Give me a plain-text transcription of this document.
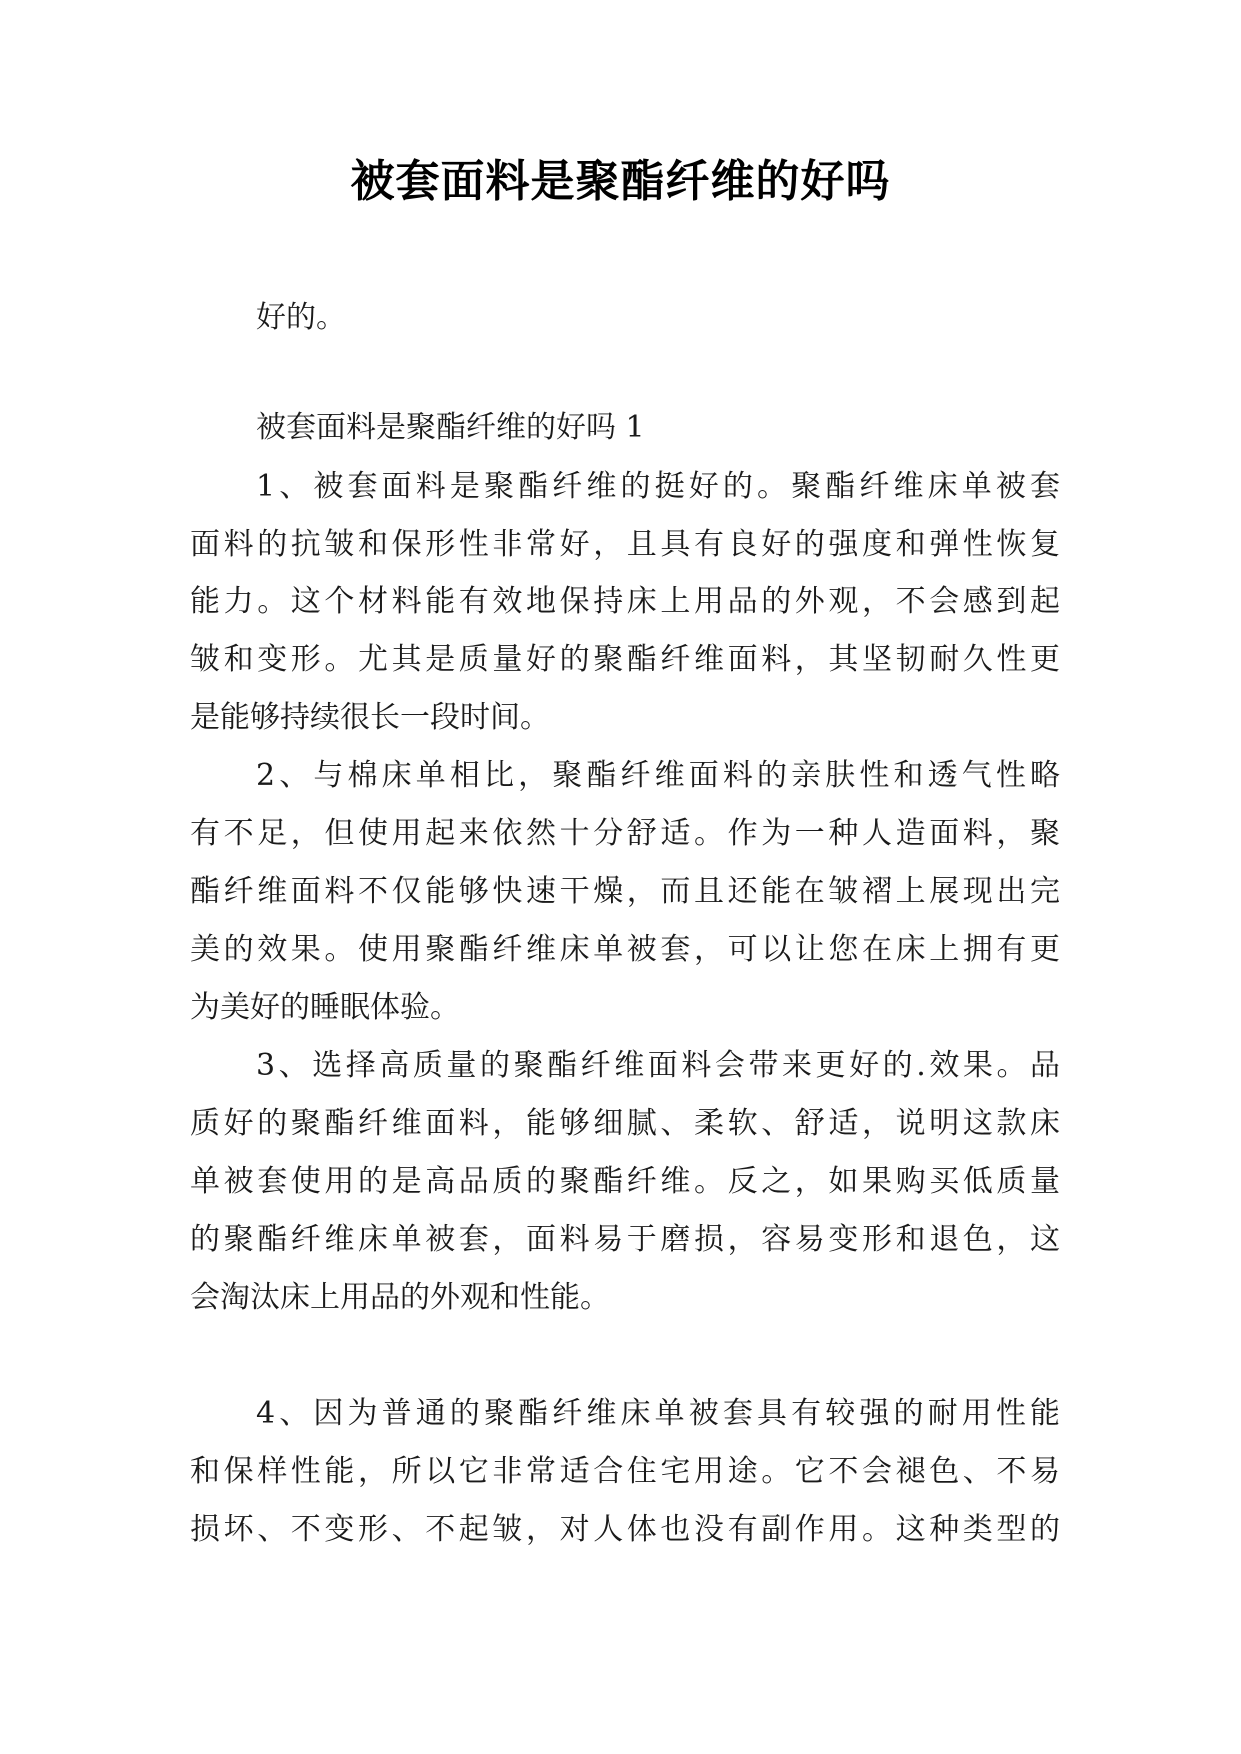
被套面料是聚酯纤维的好吗

好的。

被套面料是聚酯纤维的好吗 1

1、被套面料是聚酯纤维的挺好的。聚酯纤维床单被套

面料的抗皱和保形性非常好，且具有良好的强度和弹性恢复

能力。这个材料能有效地保持床上用品的外观，不会感到起

皱和变形。尤其是质量好的聚酯纤维面料，其坚韧耐久性更

是能够持续很长一段时间。

2、与棉床单相比，聚酯纤维面料的亲肤性和透气性略

有不足，但使用起来依然十分舒适。作为一种人造面料，聚

酯纤维面料不仅能够快速干燥，而且还能在皱褶上展现出完

美的效果。使用聚酯纤维床单被套，可以让您在床上拥有更

为美好的睡眠体验。

3、选择高质量的聚酯纤维面料会带来更好的.效果。品

质好的聚酯纤维面料，能够细腻、柔软、舒适，说明这款床

单被套使用的是高品质的聚酯纤维。反之，如果购买低质量

的聚酯纤维床单被套，面料易于磨损，容易变形和退色，这

会淘汰床上用品的外观和性能。

4、因为普通的聚酯纤维床单被套具有较强的耐用性能

和保样性能，所以它非常适合住宅用途。它不会褪色、不易

损坏、不变形、不起皱，对人体也没有副作用。这种类型的
